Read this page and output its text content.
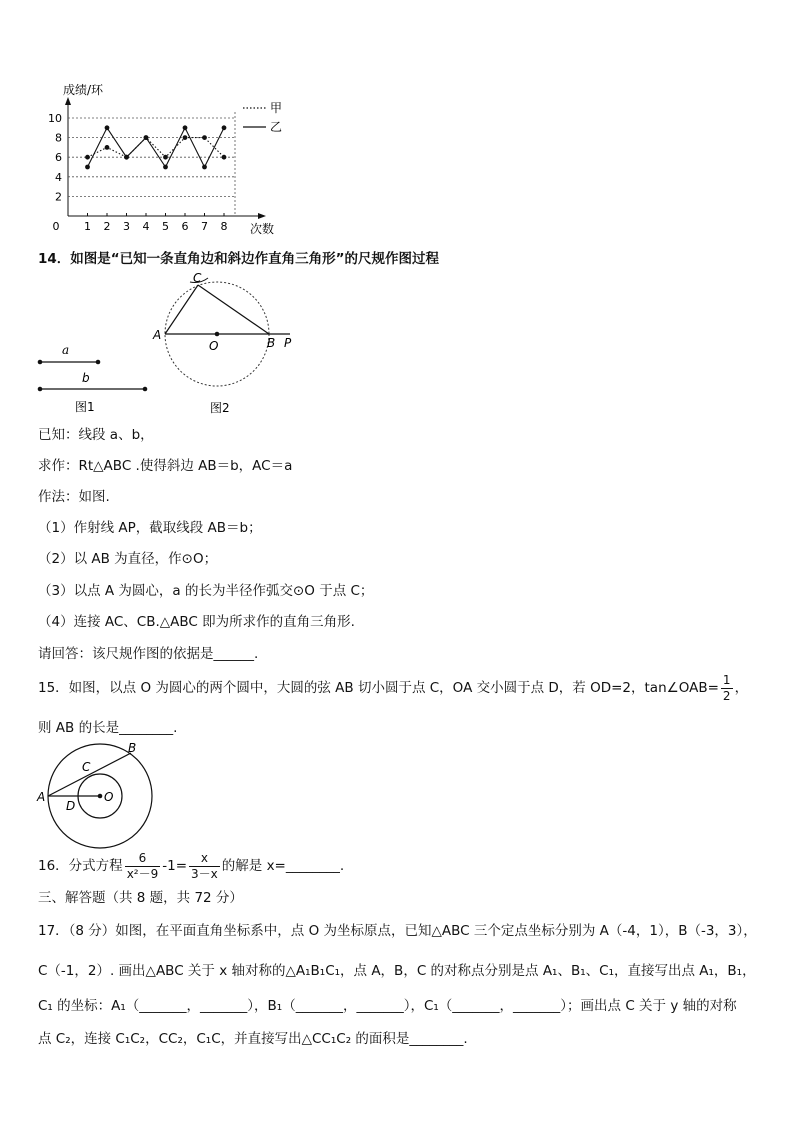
成绩/环
2
4
6
8
10
0 1 2 3 4 5 6 7 8 次数
甲
乙
14．如图是“已知一条直角边和斜边作直角三角形”的尺规作图过程
a
b
图1
C
A
O	B P
图2
已知：线段 a、b，
求作：Rt△ABC .使得斜边 AB＝b，AC＝a
作法：如图.
（1）作射线 AP，截取线段 AB＝b；
（2）以 AB 为直径，作⊙O；
（3）以点 A 为圆心，a 的长为半径作弧交⊙O 于点 C；
（4）连接 AC、CB.△ABC 即为所求作的直角三角形.
请回答：该尺规作图的依据是______.
15．如图，以点 O 为圆心的两个圆中，大圆的弦 AB 切小圆于点 C，OA 交小圆于点 D，若 OD=2，tan∠OAB= $\frac{1}{2}$ ，
则 AB 的长是________.
A
B
C
D
O
16．分式方程 $\frac{6}{\text{x²－9}} -1= \frac{x}{3-x}$ 的解是 x=________.
三、解答题（共 8 题，共 72 分）
17．（8 分）如图，在平面直角坐标系中，点 O 为坐标原点，已知△ABC 三个定点坐标分别为 A（-4，1），B（-3，3），
C（-1，2）. 画出△ABC 关于 x 轴对称的△A₁B₁C₁，点 A，B，C 的对称点分别是点 A₁、B₁、C₁，直接写出点 A₁，B₁，
C₁ 的坐标：A₁（_______，_______），B₁（_______，_______），C₁（_______，_______）；画出点 C 关于 y 轴的对称
点 C₂，连接 C₁C₂，CC₂，C₁C，并直接写出△CC₁C₂ 的面积是________.
